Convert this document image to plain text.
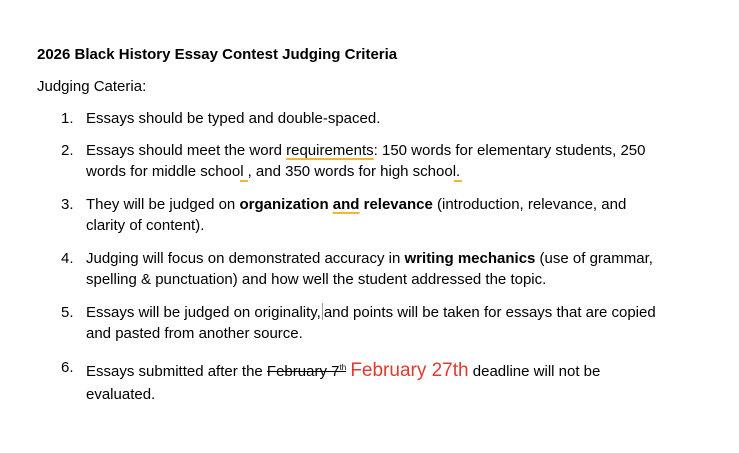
2026 Black History Essay Contest Judging Criteria

Judging Cateria:
1. Essays should be typed and double-spaced.
2. Essays should meet the word requirements: 150 words for elementary students, 250 words for middle school , and 350 words for high school.
3. They will be judged on organization and relevance (introduction, relevance, and clarity of content).
4. Judging will focus on demonstrated accuracy in writing mechanics (use of grammar, spelling & punctuation) and how well the student addressed the topic.
5. Essays will be judged on originality, and points will be taken for essays that are copied and pasted from another source.
6. Essays submitted after the February 7th February 27th deadline will not be evaluated.
